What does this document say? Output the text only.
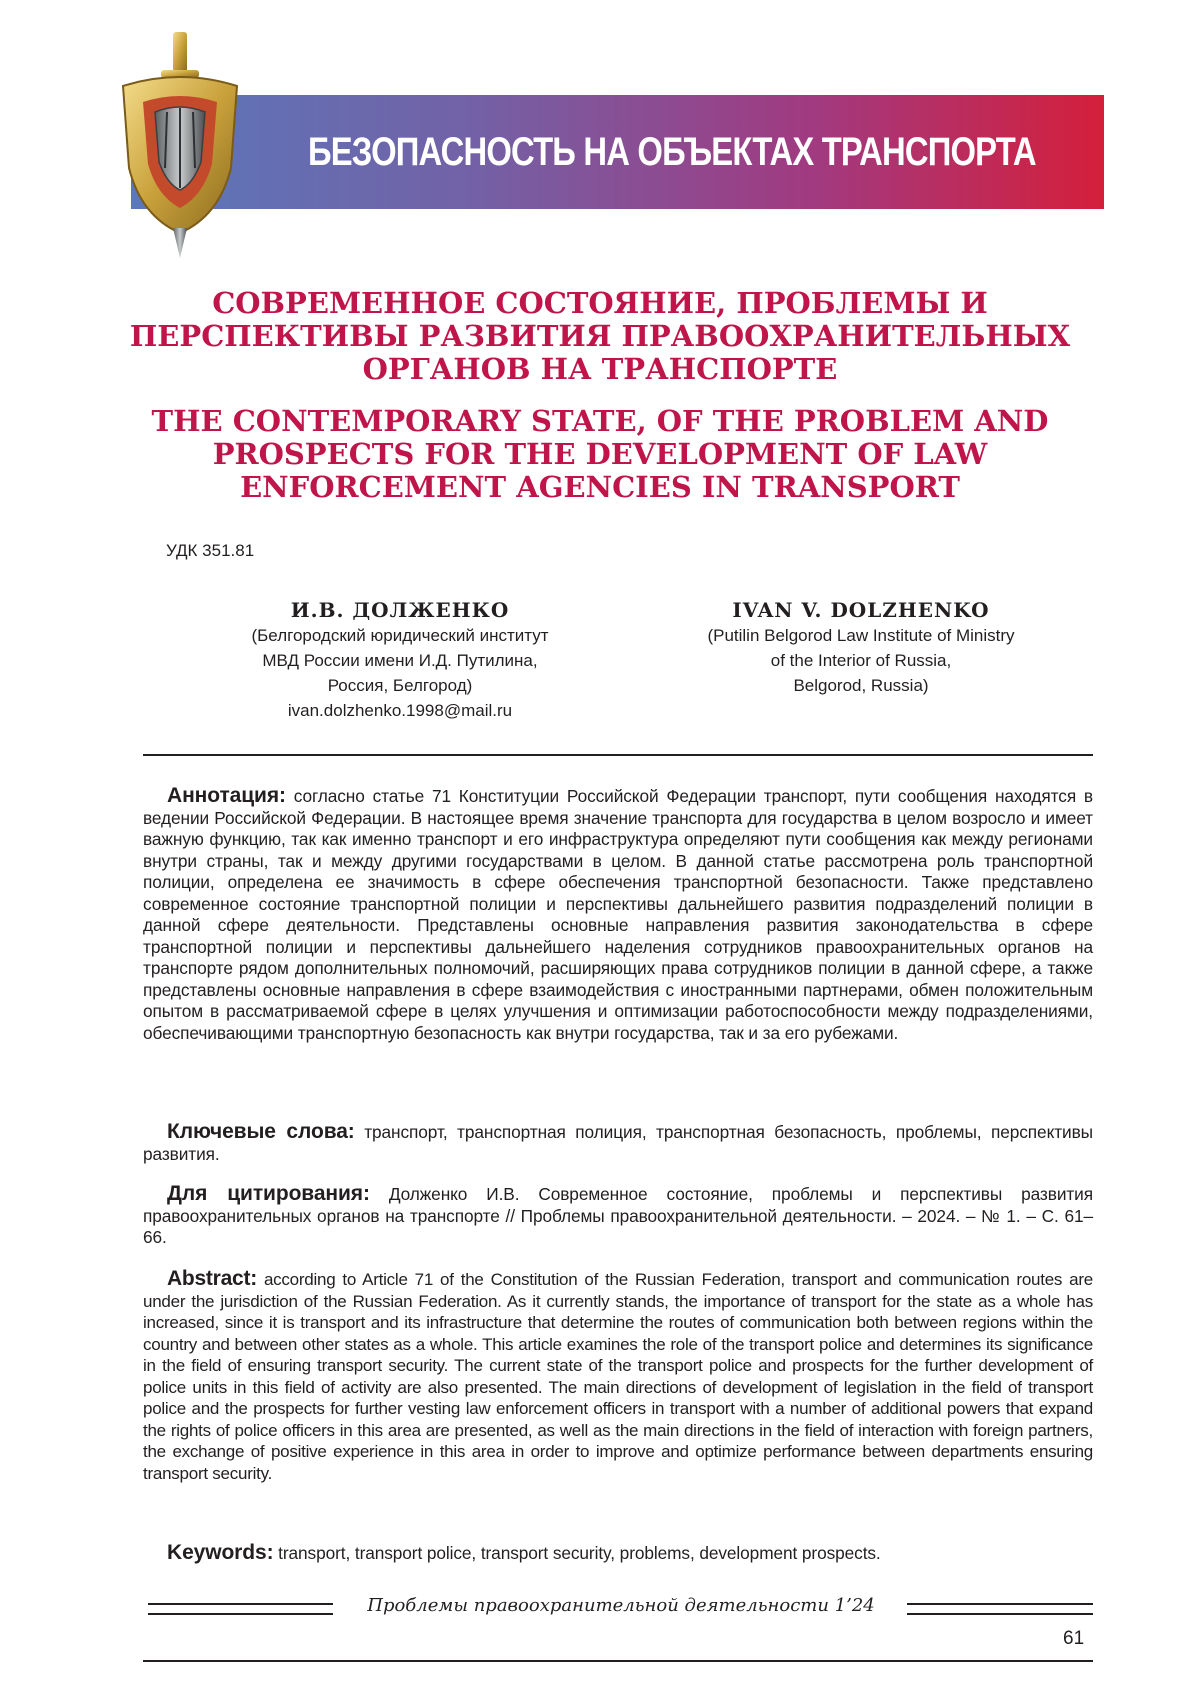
БЕЗОПАСНОСТЬ НА ОБЪЕКТАХ ТРАНСПОРТА
СОВРЕМЕННОЕ СОСТОЯНИЕ, ПРОБЛЕМЫ И ПЕРСПЕКТИВЫ РАЗВИТИЯ ПРАВООХРАНИТЕЛЬНЫХ ОРГАНОВ НА ТРАНСПОРТЕ
THE CONTEMPORARY STATE, OF THE PROBLEM AND PROSPECTS FOR THE DEVELOPMENT OF LAW ENFORCEMENT AGENCIES IN TRANSPORT
УДК 351.81
И.В. ДОЛЖЕНКО
(Белгородский юридический институт
МВД России имени И.Д. Путилина,
Россия, Белгород)
ivan.dolzhenko.1998@mail.ru
IVAN V. DOLZHENKO
(Putilin Belgorod Law Institute of Ministry
of the Interior of Russia,
Belgorod, Russia)

Аннотация: согласно статье 71 Конституции Российской Федерации транспорт, пути сообщения находятся в ведении Российской Федерации. В настоящее время значение транспорта для государства в целом возросло и имеет важную функцию, так как именно транспорт и его инфраструктура определяют пути сообщения как между регионами внутри страны, так и между другими государствами в целом. В данной статье рассмотрена роль транспортной полиции, определена ее значимость в сфере обеспечения транспортной безопасности. Также представлено современное состояние транспортной полиции и перспективы дальнейшего развития подразделений полиции в данной сфере деятельности. Представлены основные направления развития законодательства в сфере транспортной полиции и перспективы дальнейшего наделения сотрудников правоохранительных органов на транспорте рядом дополнительных полномочий, расширяющих права сотрудников полиции в данной сфере, а также представлены основные направления в сфере взаимодействия с иностранными партнерами, обмен положительным опытом в рассматриваемой сфере в целях улучшения и оптимизации работоспособности между подразделениями, обеспечивающими транспортную безопасность как внутри государства, так и за его рубежами.

Ключевые слова: транспорт, транспортная полиция, транспортная безопасность, проблемы, перспективы развития.

Для цитирования: Долженко И.В. Современное состояние, проблемы и перспективы развития правоохранительных органов на транспорте // Проблемы правоохранительной деятельности. – 2024. – № 1. – С. 61–66.

Abstract: according to Article 71 of the Constitution of the Russian Federation, transport and communication routes are under the jurisdiction of the Russian Federation. As it currently stands, the importance of transport for the state as a whole has increased, since it is transport and its infrastructure that determine the routes of communication both between regions within the country and between other states as a whole. This article examines the role of the transport police and determines its significance in the field of ensuring transport security. The current state of the transport police and prospects for the further development of police units in this field of activity are also presented. The main directions of development of legislation in the field of transport police and the prospects for further vesting law enforcement officers in transport with a number of additional powers that expand the rights of police officers in this area are presented, as well as the main directions in the field of interaction with foreign partners, the exchange of positive experience in this area in order to improve and optimize performance between departments ensuring transport security.

Keywords: transport, transport police, transport security, problems, development prospects.

Проблемы правоохранительной деятельности 1’24
61
